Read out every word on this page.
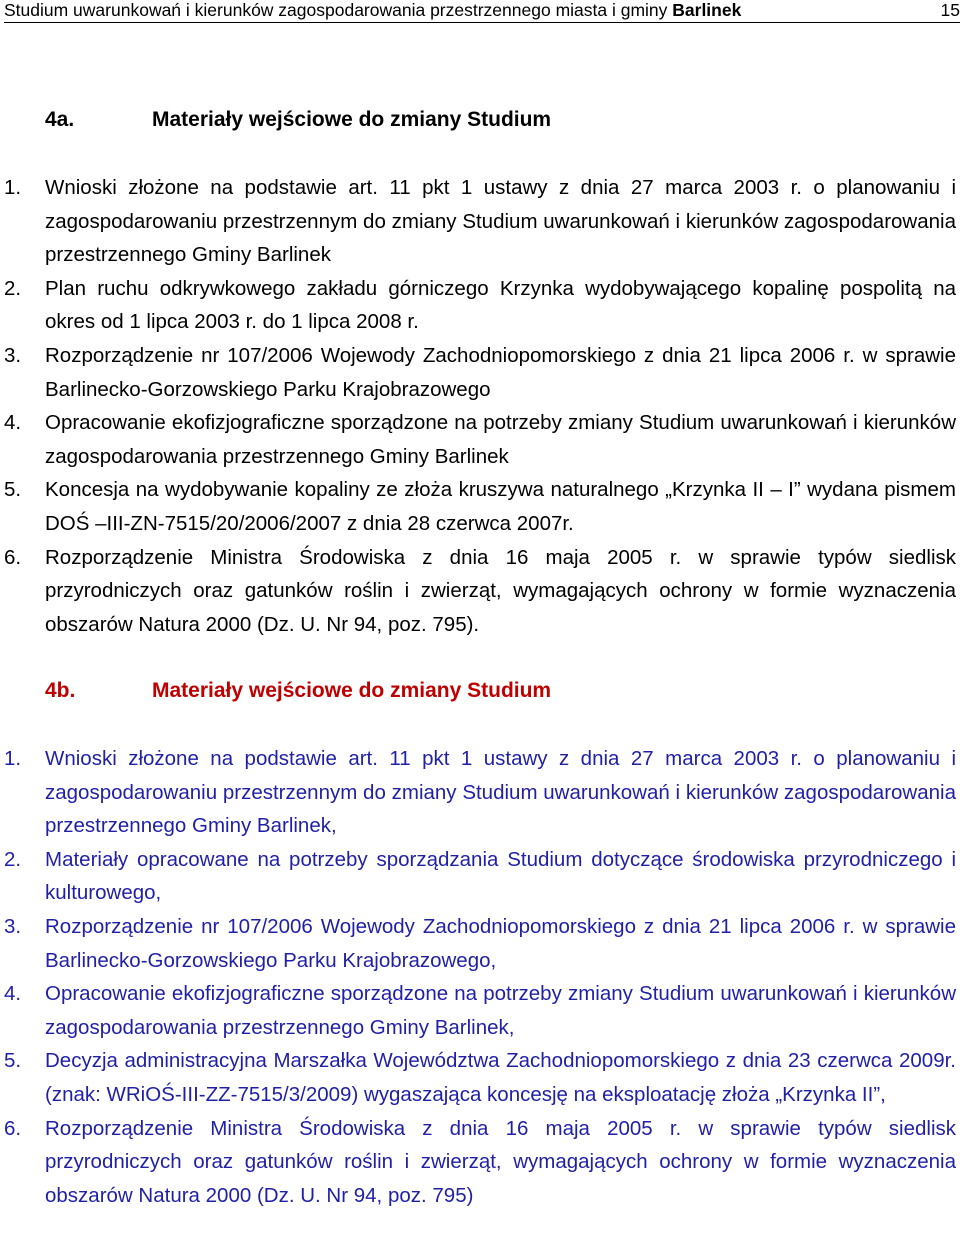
Studium uwarunkowań i kierunków zagospodarowania przestrzennego miasta i gminy Barlinek	15
4a.	Materiały wejściowe do zmiany Studium
1. Wnioski złożone na podstawie art. 11 pkt 1 ustawy z dnia 27 marca 2003 r. o planowaniu i zagospodarowaniu przestrzennym do zmiany Studium uwarunkowań i kierunków zagospodarowania przestrzennego Gminy Barlinek
2. Plan ruchu odkrywkowego zakładu górniczego Krzynka wydobywającego kopalinę pospolitą na okres od 1 lipca 2003 r. do 1 lipca 2008 r.
3. Rozporządzenie nr 107/2006 Wojewody Zachodniopomorskiego z dnia 21 lipca 2006 r. w sprawie Barlinecko-Gorzowskiego Parku Krajobrazowego
4. Opracowanie ekofizjograficzne sporządzone na potrzeby zmiany Studium uwarunkowań i kierunków zagospodarowania przestrzennego Gminy Barlinek
5. Koncesja na wydobywanie kopaliny ze złoża kruszywa naturalnego „Krzynka II – I” wydana pismem DOŚ –III-ZN-7515/20/2006/2007 z dnia 28 czerwca 2007r.
6. Rozporządzenie Ministra Środowiska z dnia 16 maja 2005 r. w sprawie typów siedlisk przyrodniczych oraz gatunków roślin i zwierząt, wymagających ochrony w formie wyznaczenia obszarów Natura 2000 (Dz. U. Nr 94, poz. 795).
4b.	Materiały wejściowe do zmiany Studium
1. Wnioski złożone na podstawie art. 11 pkt 1 ustawy z dnia 27 marca 2003 r. o planowaniu i zagospodarowaniu przestrzennym do zmiany Studium uwarunkowań i kierunków zagospodarowania przestrzennego Gminy Barlinek,
2. Materiały opracowane na potrzeby sporządzania Studium dotyczące środowiska przyrodniczego i kulturowego,
3. Rozporządzenie nr 107/2006 Wojewody Zachodniopomorskiego z dnia 21 lipca 2006 r. w sprawie Barlinecko-Gorzowskiego Parku Krajobrazowego,
4. Opracowanie ekofizjograficzne sporządzone na potrzeby zmiany Studium uwarunkowań i kierunków zagospodarowania przestrzennego Gminy Barlinek,
5. Decyzja administracyjna Marszałka Województwa Zachodniopomorskiego z dnia 23 czerwca 2009r. (znak: WRiOŚ-III-ZZ-7515/3/2009) wygaszająca koncesję na eksploatację złoża „Krzynka II”,
6. Rozporządzenie Ministra Środowiska z dnia 16 maja 2005 r. w sprawie typów siedlisk przyrodniczych oraz gatunków roślin i zwierząt, wymagających ochrony w formie wyznaczenia obszarów Natura 2000 (Dz. U. Nr 94, poz. 795)
